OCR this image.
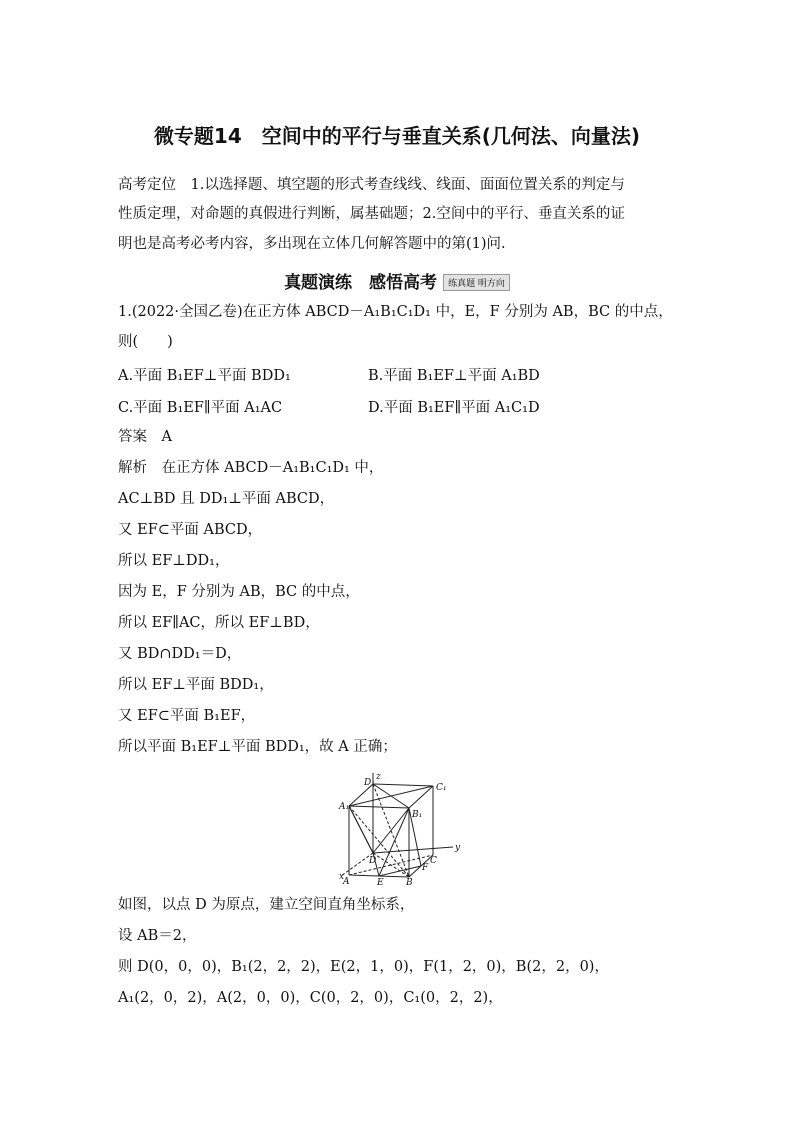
微专题14　空间中的平行与垂直关系(几何法、向量法)
高考定位　1.以选择题、填空题的形式考查线线、线面、面面位置关系的判定与
性质定理，对命题的真假进行判断，属基础题；2.空间中的平行、垂直关系的证
明也是高考必考内容，多出现在立体几何解答题中的第(1)问.
真题演练　感悟高考 练真题 明方向
1.(2022·全国乙卷)在正方体 ABCD－A₁B₁C₁D₁ 中，E，F 分别为 AB，BC 的中点，
则(　　)
A.平面 B₁EF⊥平面 BDD₁	B.平面 B₁EF⊥平面 A₁BD
C.平面 B₁EF∥平面 A₁AC	D.平面 B₁EF∥平面 A₁C₁D
答案　A
解析　在正方体 ABCD－A₁B₁C₁D₁ 中，
AC⊥BD 且 DD₁⊥平面 ABCD，
又 EF⊂平面 ABCD，
所以 EF⊥DD₁，
因为 E，F 分别为 AB，BC 的中点，
所以 EF∥AC，所以 EF⊥BD，
又 BD∩DD₁＝D，
所以 EF⊥平面 BDD₁，
又 EF⊂平面 B₁EF，
所以平面 B₁EF⊥平面 BDD₁，故 A 正确；
D₁
z
C₁
A₁
B₁
D
y
C
F
x
A	E B
如图，以点 D 为原点，建立空间直角坐标系，
设 AB＝2，
则 D(0，0，0)，B₁(2，2，2)，E(2，1，0)，F(1，2，0)，B(2，2，0)，
A₁(2，0，2)，A(2，0，0)，C(0，2，0)，C₁(0，2，2)，
